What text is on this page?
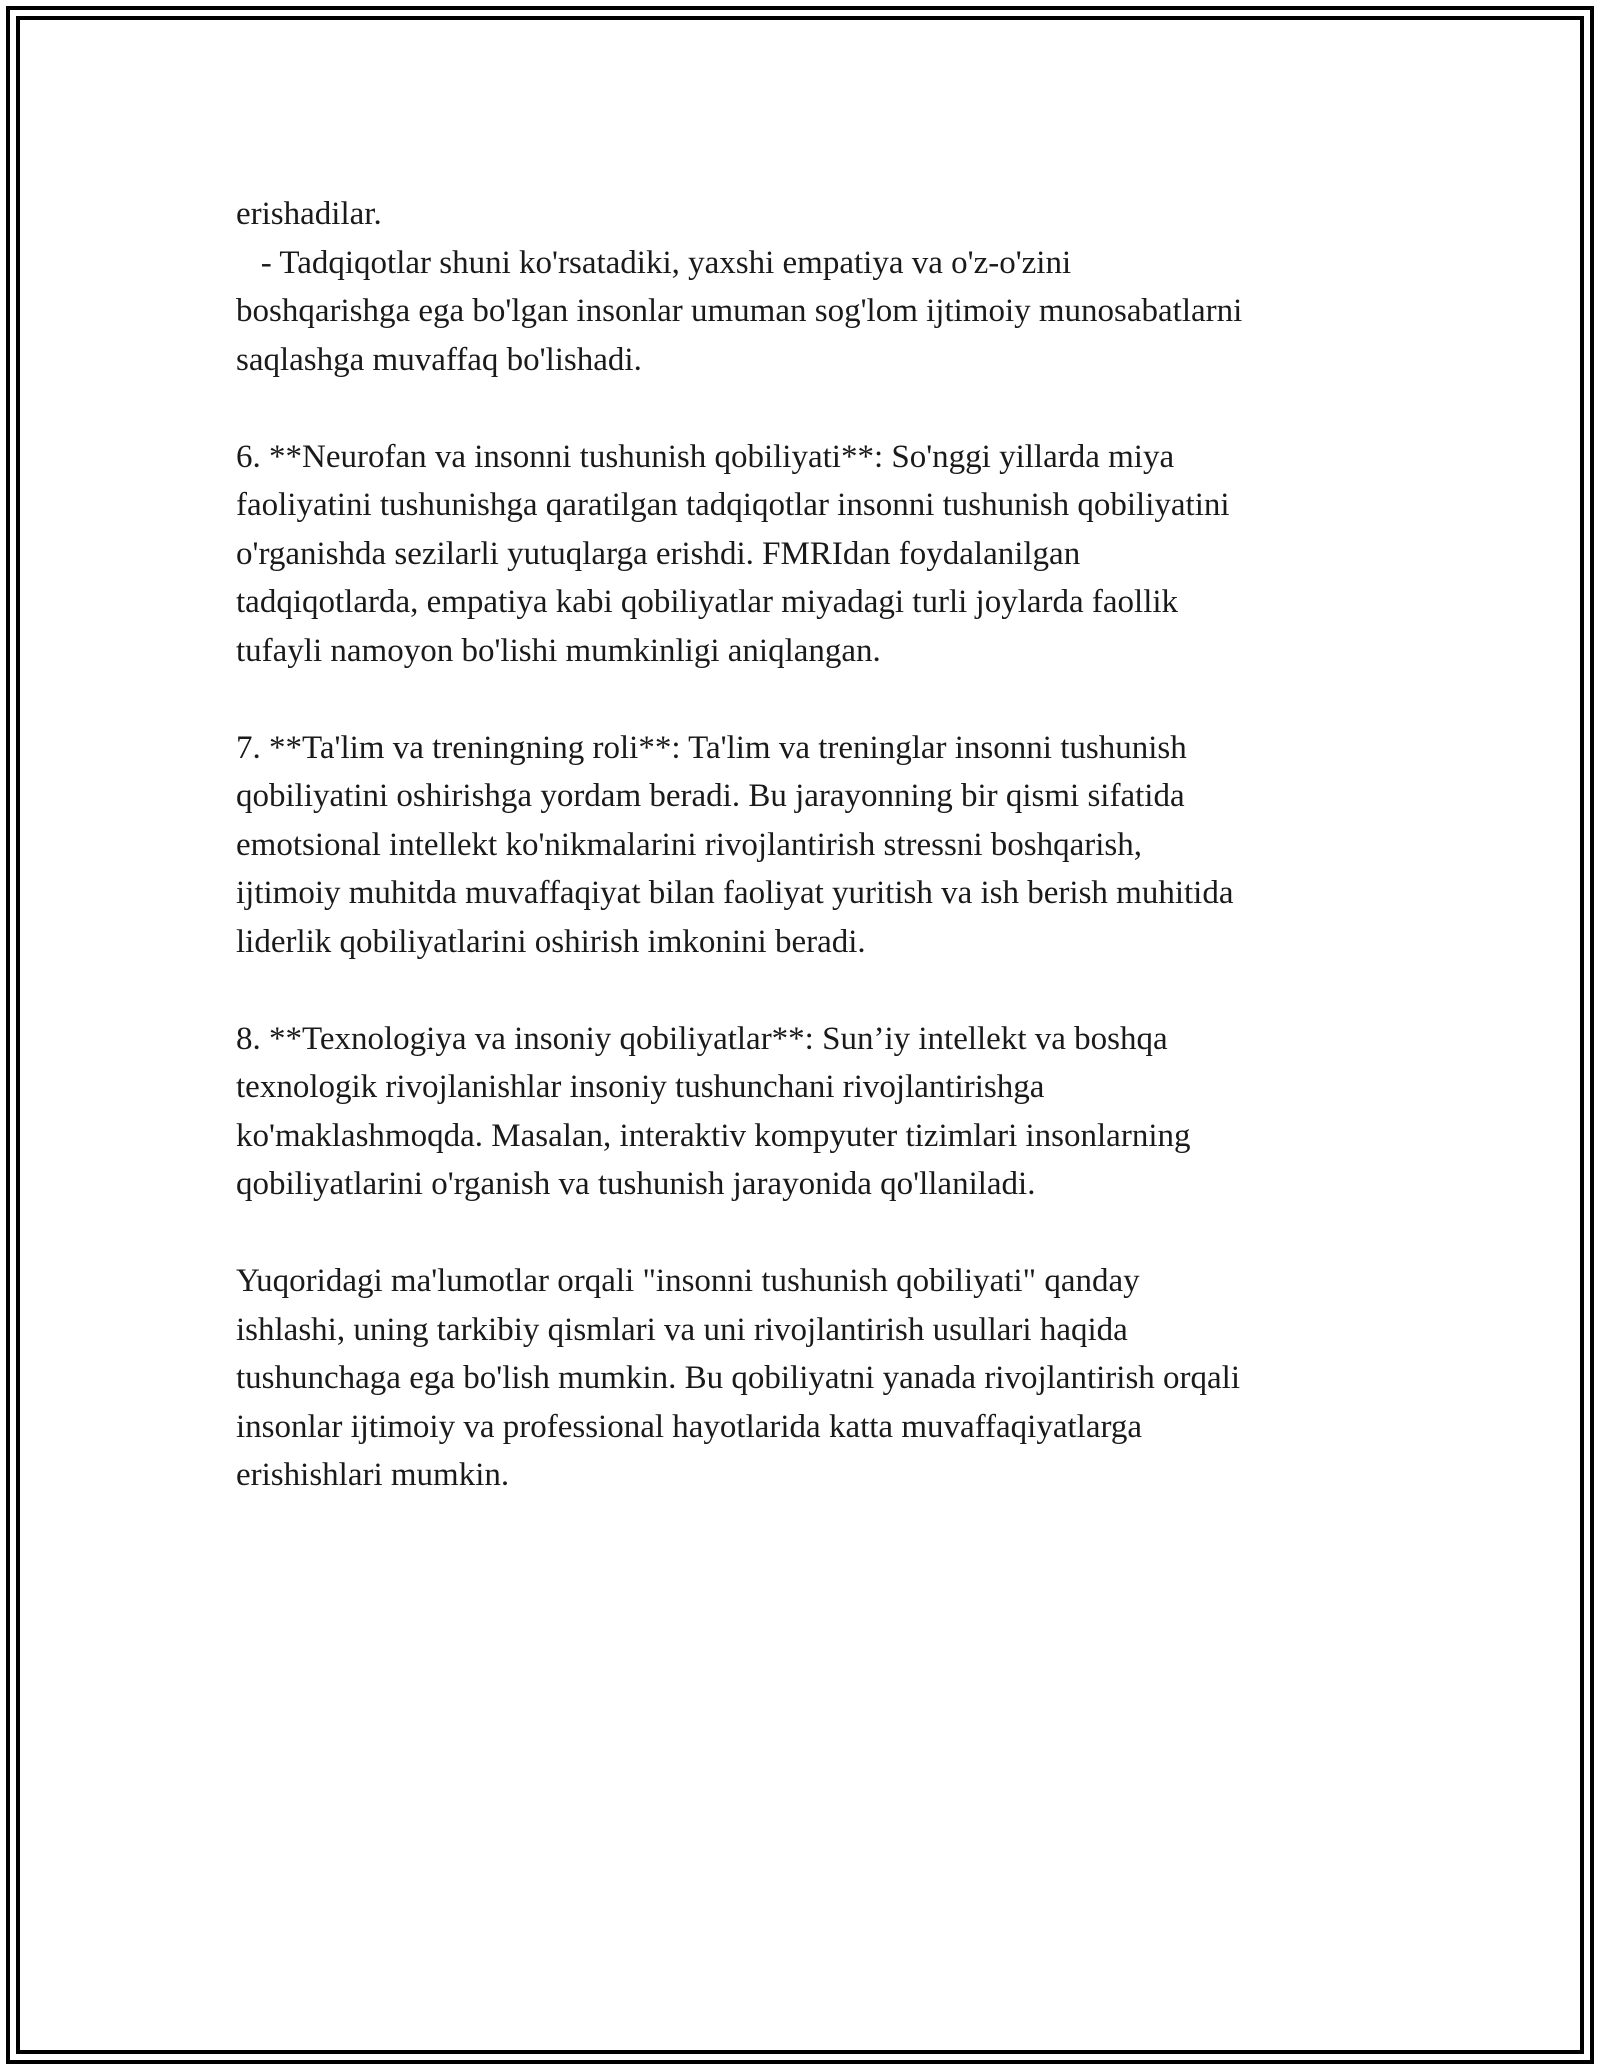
erishadilar.
- Tadqiqotlar shuni ko'rsatadiki, yaxshi empatiya va o'z-o'zini
boshqarishga ega bo'lgan insonlar umuman sog'lom ijtimoiy munosabatlarni
saqlashga muvaffaq bo'lishadi.
6. **Neurofan va insonni tushunish qobiliyati**: So'nggi yillarda miya
faoliyatini tushunishga qaratilgan tadqiqotlar insonni tushunish qobiliyatini
o'rganishda sezilarli yutuqlarga erishdi. FMRIdan foydalanilgan
tadqiqotlarda, empatiya kabi qobiliyatlar miyadagi turli joylarda faollik
tufayli namoyon bo'lishi mumkinligi aniqlangan.
7. **Ta'lim va treningning roli**: Ta'lim va treninglar insonni tushunish
qobiliyatini oshirishga yordam beradi. Bu jarayonning bir qismi sifatida
emotsional intellekt ko'nikmalarini rivojlantirish stressni boshqarish,
ijtimoiy muhitda muvaffaqiyat bilan faoliyat yuritish va ish berish muhitida
liderlik qobiliyatlarini oshirish imkonini beradi.
8. **Texnologiya va insoniy qobiliyatlar**: Sun’iy intellekt va boshqa
texnologik rivojlanishlar insoniy tushunchani rivojlantirishga
ko'maklashmoqda. Masalan, interaktiv kompyuter tizimlari insonlarning
qobiliyatlarini o'rganish va tushunish jarayonida qo'llaniladi.
Yuqoridagi ma'lumotlar orqali "insonni tushunish qobiliyati" qanday
ishlashi, uning tarkibiy qismlari va uni rivojlantirish usullari haqida
tushunchaga ega bo'lish mumkin. Bu qobiliyatni yanada rivojlantirish orqali
insonlar ijtimoiy va professional hayotlarida katta muvaffaqiyatlarga
erishishlari mumkin.
